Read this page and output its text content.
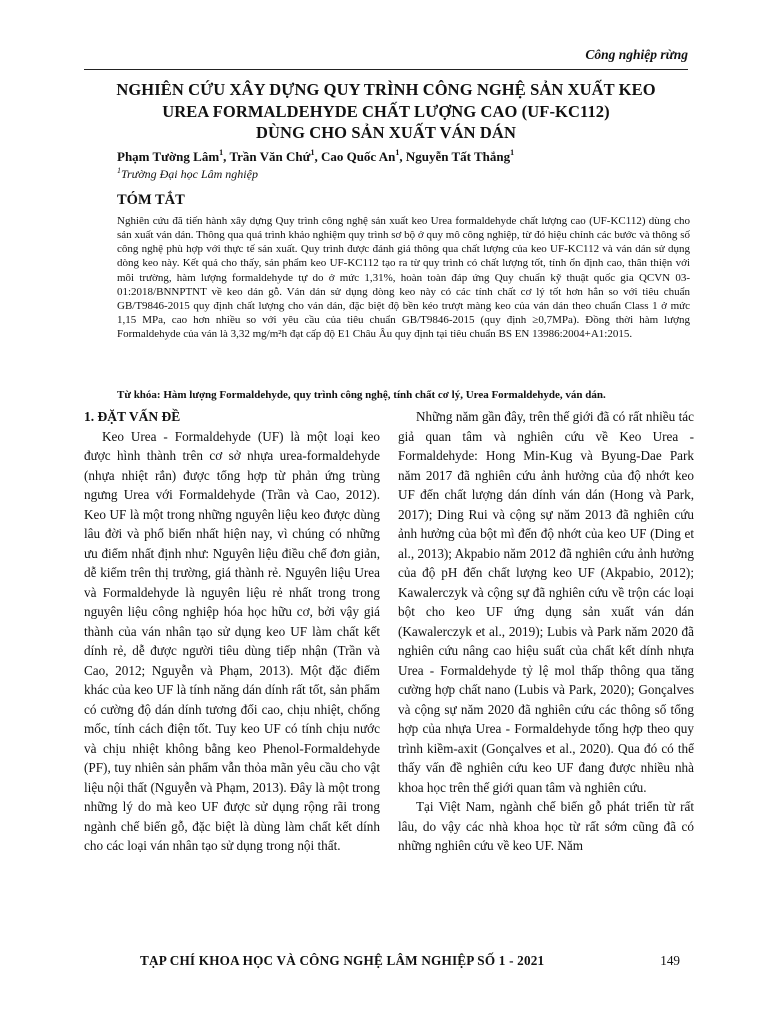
Công nghiệp rừng
NGHIÊN CỨU XÂY DỰNG QUY TRÌNH CÔNG NGHỆ SẢN XUẤT KEO
UREA FORMALDEHYDE CHẤT LƯỢNG CAO (UF-KC112)
DÙNG CHO SẢN XUẤT VÁN DÁN
Phạm Tường Lâm$^1$, Trần Văn Chứ$^1$, Cao Quốc An$^1$, Nguyễn Tất Thắng$^1$
$^1$Trường Đại học Lâm nghiệp
TÓM TẮT
Nghiên cứu đã tiến hành xây dựng Quy trình công nghệ sản xuất keo Urea formaldehyde chất lượng cao (UF-KC112) dùng cho sản xuất ván dán. Thông qua quá trình khảo nghiệm quy trình sơ bộ ở quy mô công nghiệp, từ đó hiệu chỉnh các bước và thông số công nghệ phù hợp với thực tế sản xuất. Quy trình được đánh giá thông qua chất lượng của keo UF-KC112 và ván dán sử dụng dòng keo này. Kết quả cho thấy, sản phẩm keo UF-KC112 tạo ra từ quy trình có chất lượng tốt, tính ổn định cao, thân thiện với môi trường, hàm lượng formaldehyde tự do ở mức 1,31%, hoàn toàn đáp ứng Quy chuẩn kỹ thuật quốc gia QCVN 03-01:2018/BNNPTNT về keo dán gỗ. Ván dán sử dụng dòng keo này có các tính chất cơ lý tốt hơn hẳn so với tiêu chuẩn GB/T9846-2015 quy định chất lượng cho ván dán, đặc biệt độ bền kéo trượt màng keo của ván dán theo chuẩn Class 1 ở mức 1,15 MPa, cao hơn nhiều so với yêu cầu của tiêu chuẩn GB/T9846-2015 (quy định ≥0,7MPa). Đồng thời hàm lượng Formaldehyde của ván là 3,32 mg/m²h đạt cấp độ E1 Châu Âu quy định tại tiêu chuẩn BS EN 13986:2004+A1:2015.
Từ khóa: Hàm lượng Formaldehyde, quy trình công nghệ, tính chất cơ lý, Urea Formaldehyde, ván dán.

1. ĐẶT VẤN ĐỀ

Keo Urea - Formaldehyde (UF) là một loại keo được hình thành trên cơ sở nhựa urea-formaldehyde (nhựa nhiệt rắn) được tổng hợp từ phản ứng trùng ngưng Urea với Formaldehyde (Trần và Cao, 2012). Keo UF là một trong những nguyên liệu keo được dùng lâu đời và phổ biến nhất hiện nay, vì chúng có những ưu điểm nhất định như: Nguyên liệu điều chế đơn giản, dễ kiếm trên thị trường, giá thành rẻ. Nguyên liệu Urea và Formaldehyde là nguyên liệu rẻ nhất trong trong nguyên liệu công nghiệp hóa học hữu cơ, bởi vậy giá thành của ván nhân tạo sử dụng keo UF làm chất kết dính rẻ, dễ được người tiêu dùng tiếp nhận (Trần và Cao, 2012; Nguyễn và Phạm, 2013). Một đặc điểm khác của keo UF là tính năng dán dính rất tốt, sản phẩm có cường độ dán dính tương đối cao, chịu nhiệt, chống mốc, tính cách điện tốt. Tuy keo UF có tính chịu nước và chịu nhiệt không bằng keo Phenol-Formaldehyde (PF), tuy nhiên sản phẩm vẫn thỏa mãn yêu cầu cho vật liệu nội thất (Nguyễn và Phạm, 2013). Đây là một trong những lý do mà keo UF được sử dụng rộng rãi trong ngành chế biến gỗ, đặc biệt là dùng làm chất kết dính cho các loại ván nhân tạo sử dụng trong nội thất.

Những năm gần đây, trên thế giới đã có rất nhiều tác giả quan tâm và nghiên cứu về Keo Urea - Formaldehyde: Hong Min-Kug và Byung-Dae Park năm 2017 đã nghiên cứu ảnh hưởng của độ nhớt keo UF đến chất lượng dán dính ván dán (Hong và Park, 2017); Ding Rui và cộng sự năm 2013 đã nghiên cứu ảnh hưởng của bột mì đến độ nhớt của keo UF (Ding et al., 2013); Akpabio năm 2012 đã nghiên cứu ảnh hưởng của độ pH đến chất lượng keo UF (Akpabio, 2012); Kawalerczyk và cộng sự đã nghiên cứu về trộn các loại bột cho keo UF ứng dụng sản xuất ván dán (Kawalerczyk et al., 2019); Lubis và Park năm 2020 đã nghiên cứu nâng cao hiệu suất của chất kết dính nhựa Urea - Formaldehyde tỷ lệ mol thấp thông qua tăng cường hợp chất nano (Lubis và Park, 2020); Gonçalves và cộng sự năm 2020 đã nghiên cứu các thông số tổng hợp của nhựa Urea - Formaldehyde tổng hợp theo quy trình kiềm-axit (Gonçalves et al., 2020). Qua đó có thể thấy vấn đề nghiên cứu keo UF đang được nhiều nhà khoa học trên thế giới quan tâm và nghiên cứu.

Tại Việt Nam, ngành chế biến gỗ phát triển từ rất lâu, do vậy các nhà khoa học từ rất sớm cũng đã có những nghiên cứu về keo UF. Năm

TẠP CHÍ KHOA HỌC VÀ CÔNG NGHỆ LÂM NGHIỆP SỐ 1 - 2021	149
